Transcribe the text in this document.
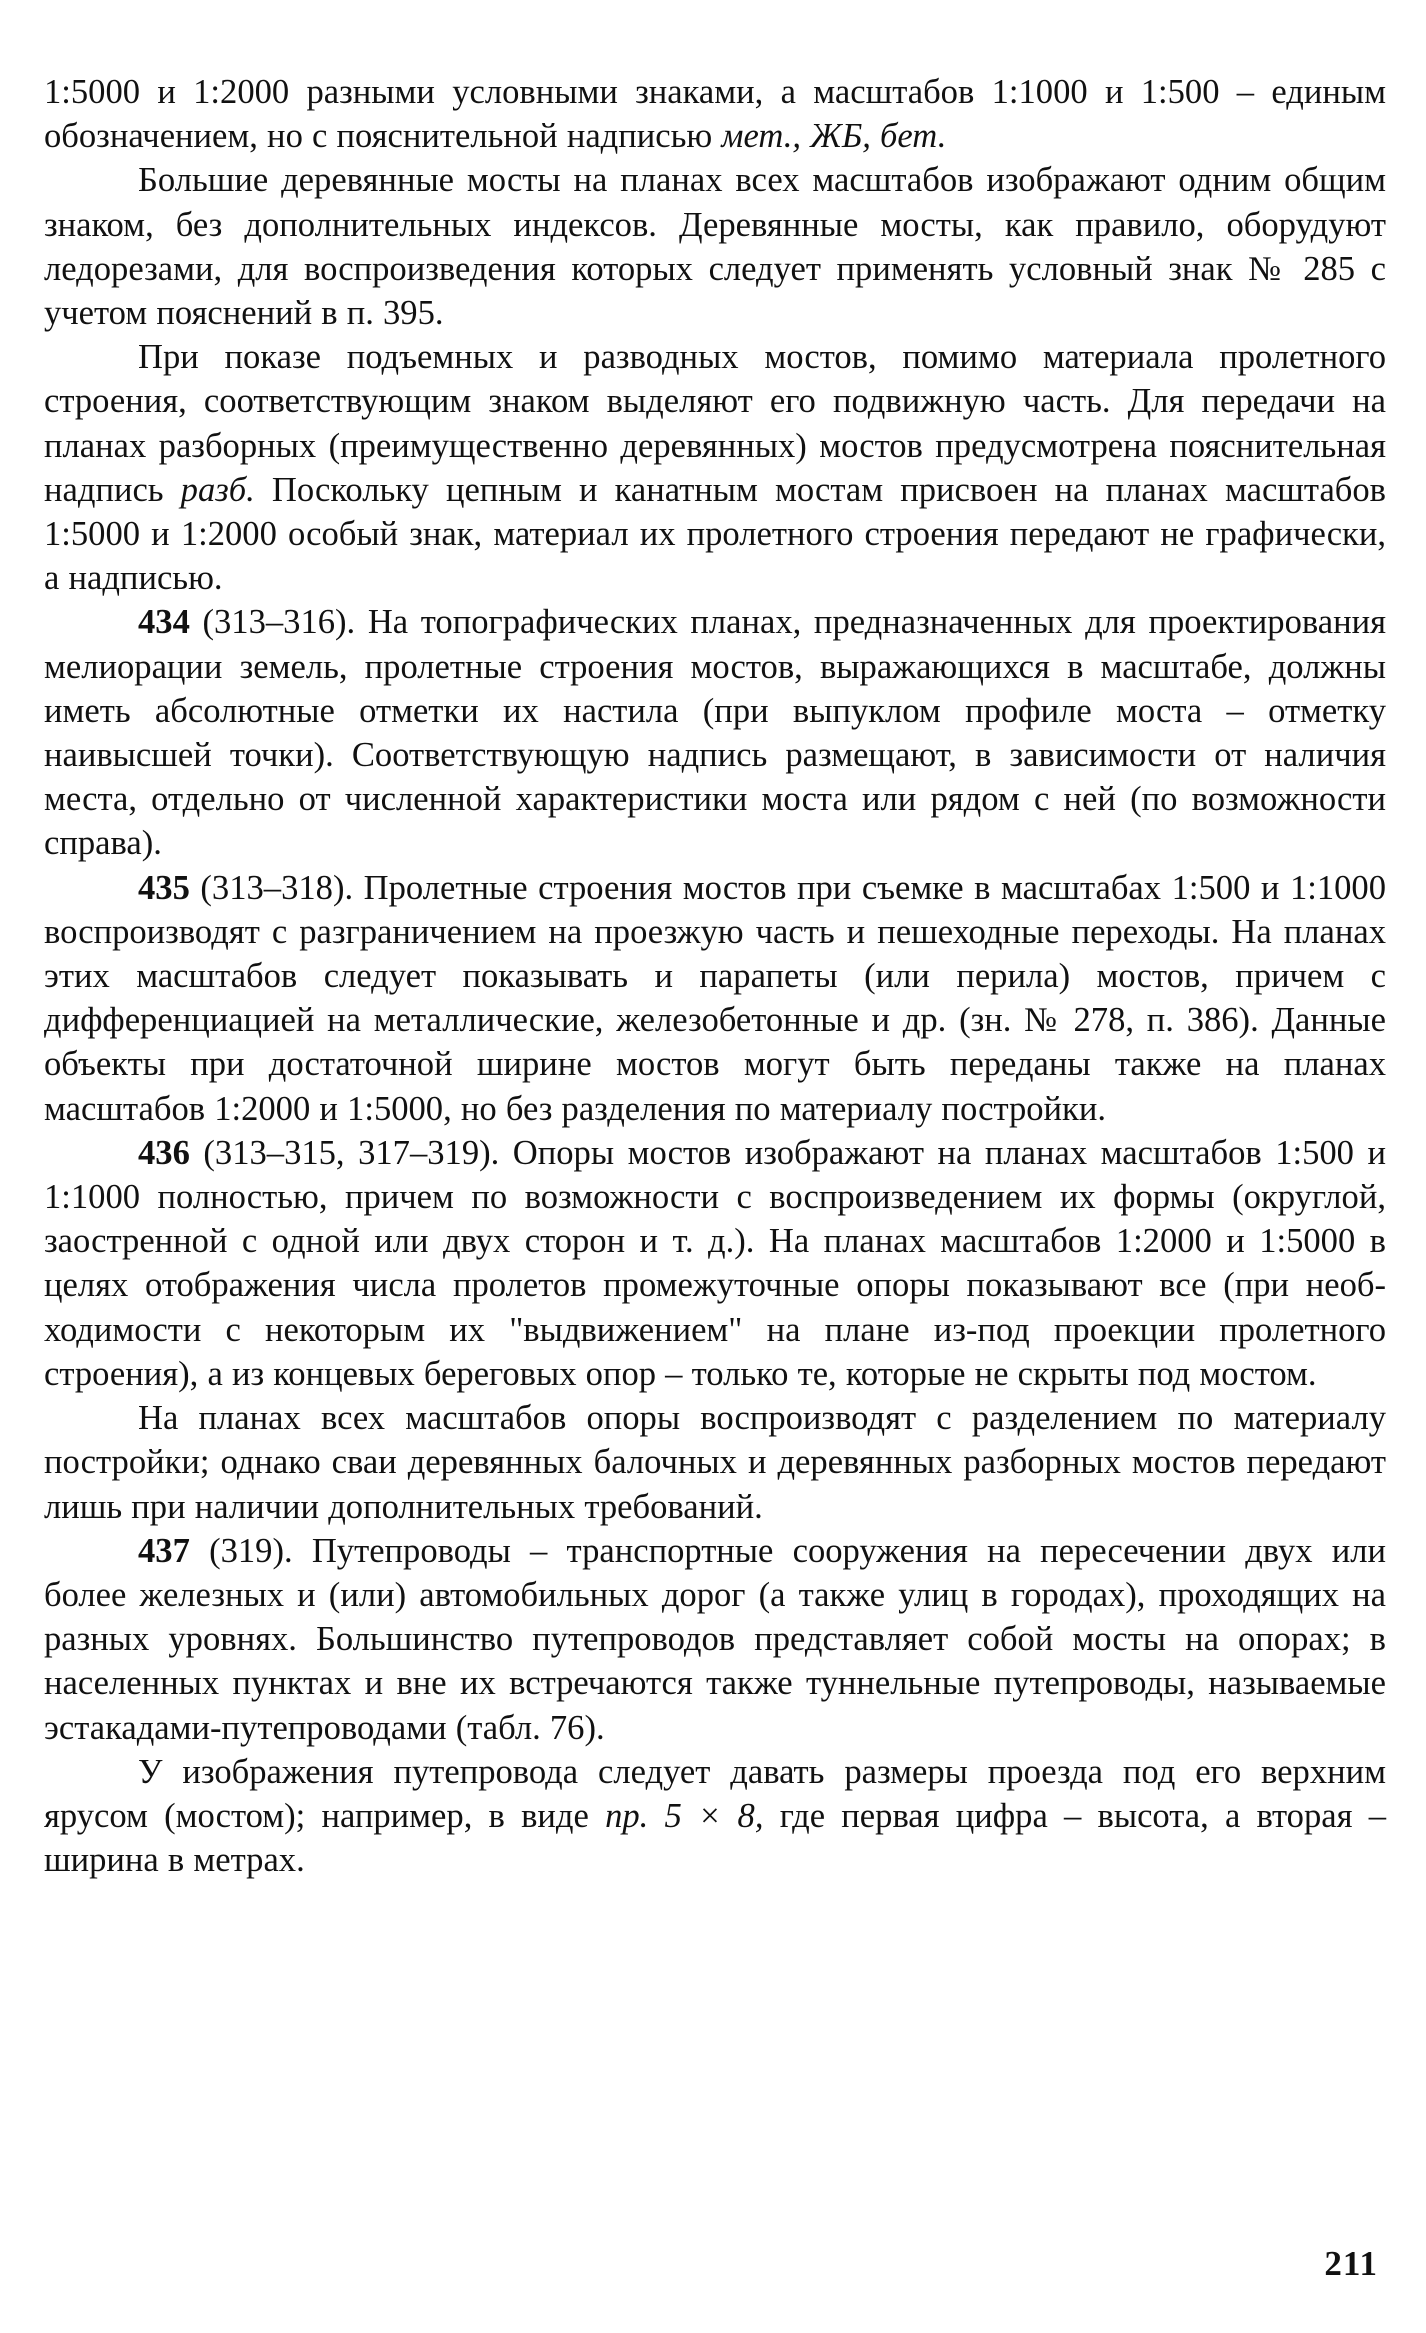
1:5000 и 1:2000 разными условными знаками, а масштабов 1:1000 и 1:500 – единым обозначением, но с пояснительной надписью мет., ЖБ, бет.

Большие деревянные мосты на планах всех масштабов изображают одним общим знаком, без дополнительных индексов. Деревянные мосты, как правило, оборудуют ледорезами, для воспроизведения которых следует применять условный знак № 285 с учетом пояснений в п. 395.

При показе подъемных и разводных мостов, помимо материала пролетного строения, соответствующим знаком выделяют его подвижную часть. Для передачи на планах разборных (преимущественно деревянных) мостов предусмотрена пояснительная надпись разб. Поскольку цепным и канатным мостам присвоен на планах масштабов 1:5000 и 1:2000 особый знак, материал их пролетного строения передают не графически, а надписью.

434 (313–316). На топографических планах, предназначенных для проектирования мелиорации земель, пролетные строения мостов, выражающихся в масштабе, должны иметь абсолютные отметки их настила (при выпуклом профиле моста – отметку наивысшей точки). Соответствующую надпись размещают, в зависимости от наличия места, отдельно от численной характеристики моста или рядом с ней (по возможности справа).

435 (313–318). Пролетные строения мостов при съемке в масштабах 1:500 и 1:1000 воспроизводят с разграничением на проезжую часть и пешеходные переходы. На планах этих масштабов следует показывать и парапеты (или перила) мостов, причем с дифференциацией на металлические, железобетонные и др. (зн. № 278, п. 386). Данные объекты при достаточной ширине мостов могут быть переданы также на планах масштабов 1:2000 и 1:5000, но без разделения по материалу постройки.

436 (313–315, 317–319). Опоры мостов изображают на планах масштабов 1:500 и 1:1000 полностью, причем по возможности с воспроизведением их формы (округлой, заостренной с одной или двух сторон и т. д.). На планах масштабов 1:2000 и 1:5000 в целях отображения числа пролетов промежуточные опоры показывают все (при необходимости с некоторым их "выдвижением" на плане из-под проекции пролетного строения), а из концевых береговых опор – только те, которые не скрыты под мостом.

На планах всех масштабов опоры воспроизводят с разделением по материалу постройки; однако сваи деревянных балочных и деревянных разборных мостов передают лишь при наличии дополнительных требований.

437 (319). Путепроводы – транспортные сооружения на пересечении двух или более железных и (или) автомобильных дорог (а также улиц в городах), проходящих на разных уровнях. Большинство путепроводов представляет собой мосты на опорах; в населенных пунктах и вне их встречаются также туннельные путепроводы, называемые эстакадами-путепроводами (табл. 76).

У изображения путепровода следует давать размеры проезда под его верхним ярусом (мостом); например, в виде пр. 5 × 8, где первая цифра – высота, а вторая – ширина в метрах.

211
